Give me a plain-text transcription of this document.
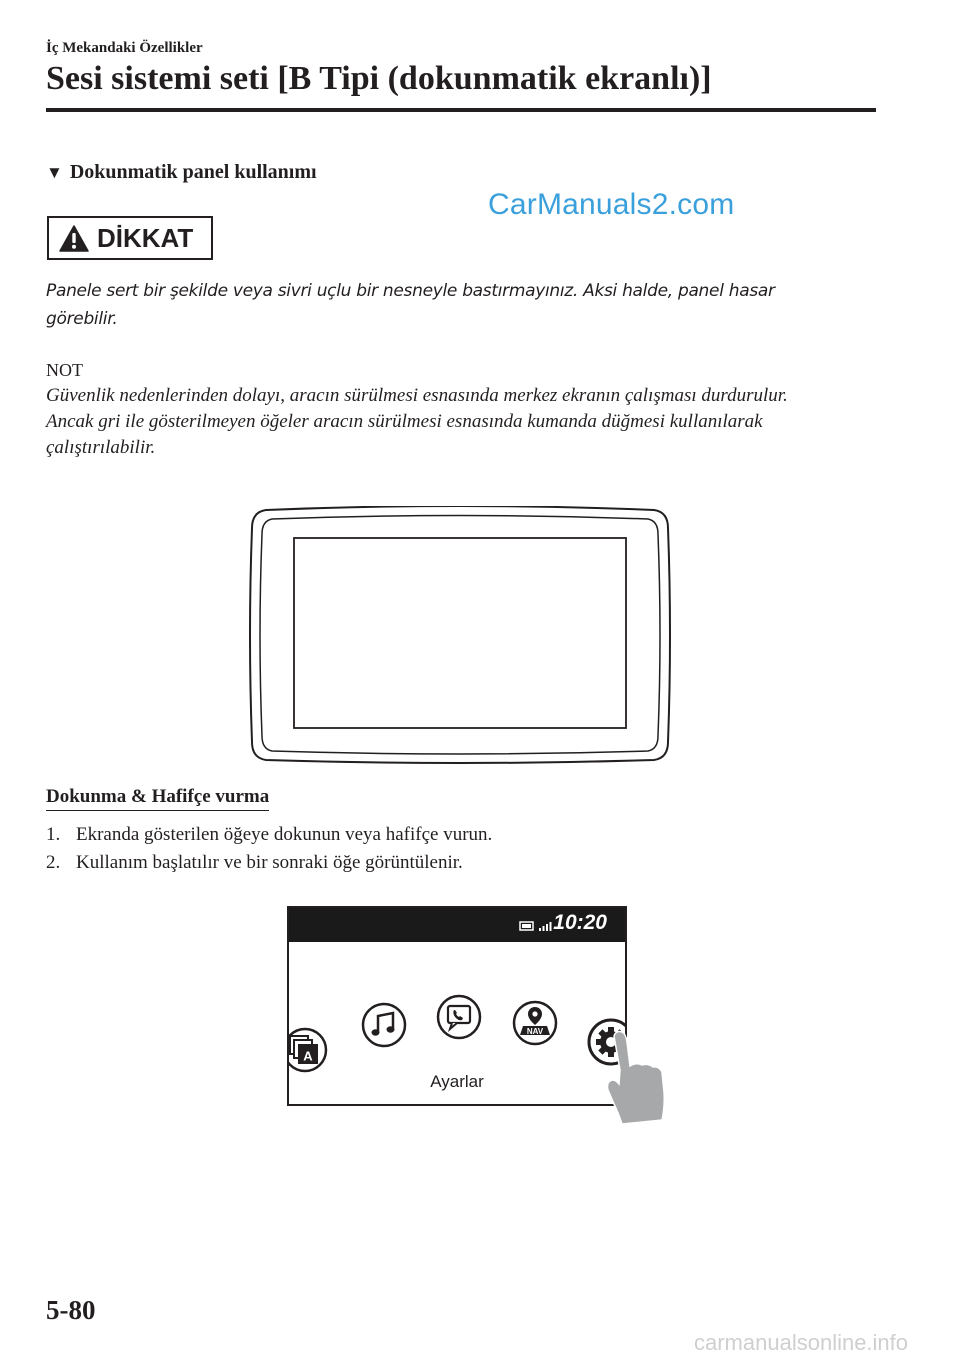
İç Mekandaki Özellikler
Sesi sistemi seti [B Tipi (dokunmatik ekranlı)]
▼ Dokunmatik panel kullanımı
CarManuals2.com
DİKKAT
Panele sert bir şekilde veya sivri uçlu bir nesneyle bastırmayınız. Aksi halde, panel hasar görebilir.
NOT
Güvenlik nedenlerinden dolayı, aracın sürülmesi esnasında merkez ekranın çalışması durdurulur. Ancak gri ile gösterilmeyen öğeler aracın sürülmesi esnasında kumanda düğmesi kullanılarak çalıştırılabilir.
Dokunma & Hafifçe vurma
1. Ekranda gösterilen öğeye dokunun veya hafifçe vurun.
2. Kullanım başlatılır ve bir sonraki öğe görüntülenir.
10:20
A
NAV
Ayarlar
5-80
carmanualsonline.info
